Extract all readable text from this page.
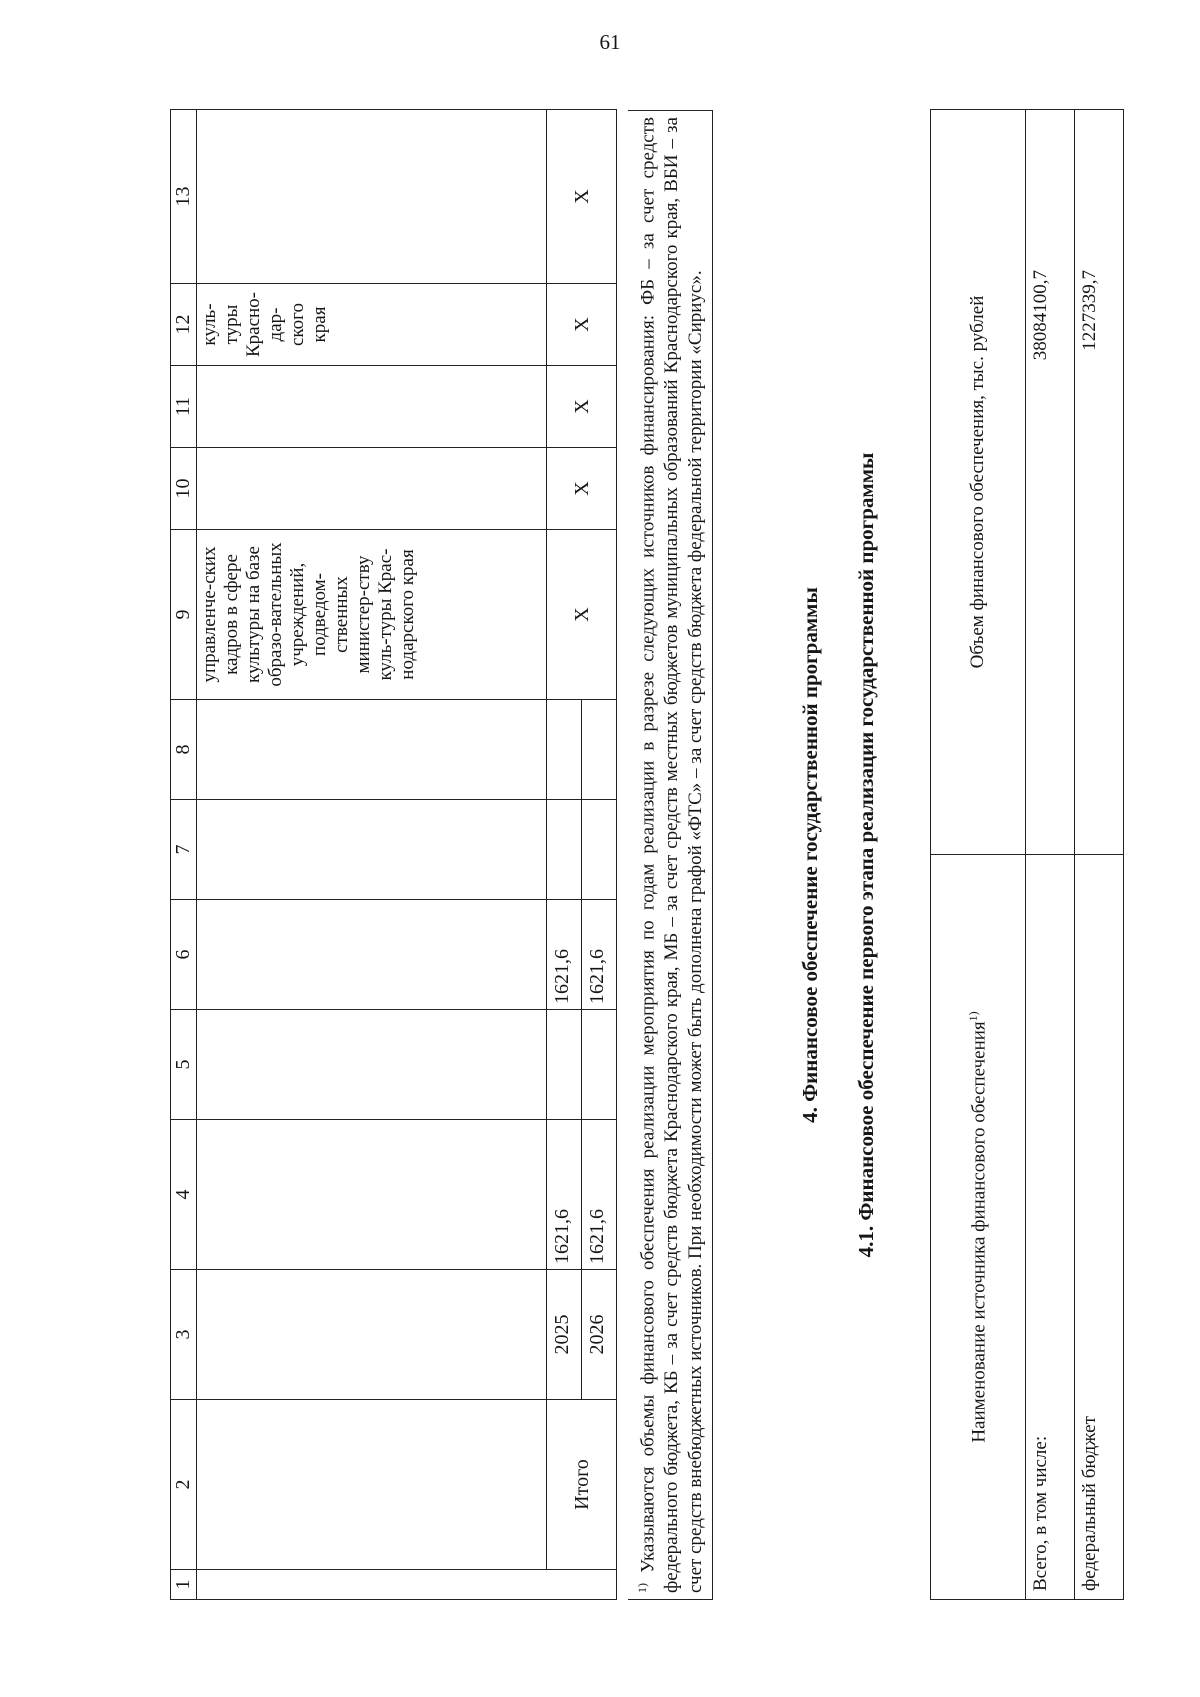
61
1	2	3	4	5	6	7	8	9	10	11	12	13
								управленче-ских кадров в сфере культуры на базе образо-вательных учреждений, подведом-ственных министер-ству куль-туры Крас-нодарского края			куль-туры Красно-дар-ского края	
	Итого	2025	1621,6		1621,6			Х	Х	Х	Х	Х
		2026	1621,6		1621,6							
$^{1)}$ Указываются объемы финансового обеспечения реализации мероприятия по годам реализации в разрезе следующих источников финансирования: ФБ – за счет средств федерального бюджета, КБ – за счет средств бюджета Краснодарского края, МБ – за счет средств местных бюджетов муниципальных образований Краснодарского края, ВБИ – за счет средств внебюджетных источников. При необходимости может быть дополнена графой «ФТС» – за счет средств бюджета федеральной территории «Сириус».	4. Финансовое обеспечение государственной программы 4.1. Финансовое обеспечение первого этапа реализации государственной программы	Наименование источника финансового обеспечения$^{1)}$	Объем финансового обеспечения, тыс. рублей
Всего, в том числе:	38084100,7
федеральный бюджет	1227339,7
